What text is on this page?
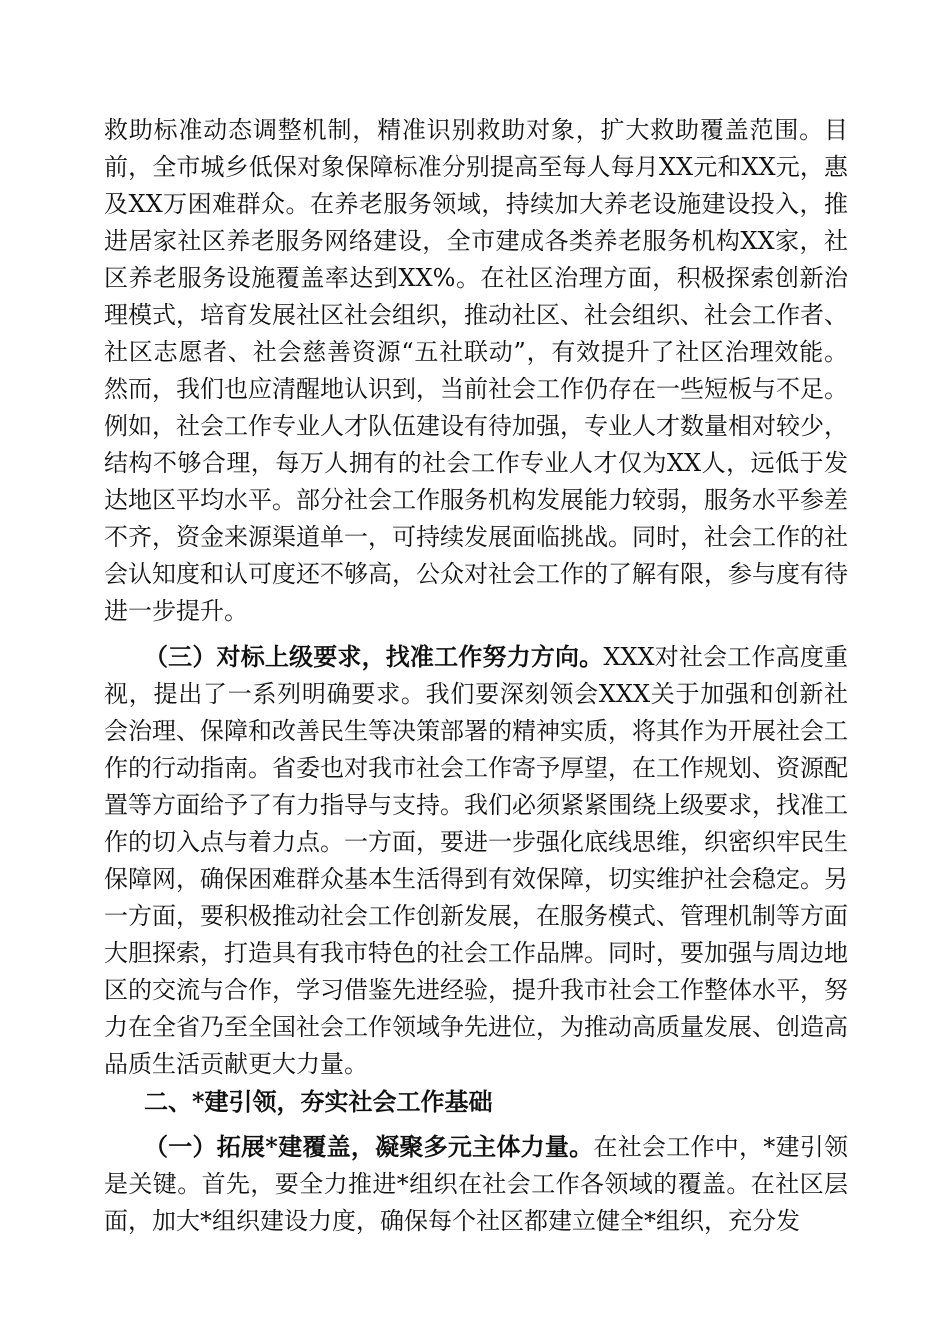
救助标准动态调整机制，精准识别救助对象，扩大救助覆盖范围。目前，全市城乡低保对象保障标准分别提高至每人每月XX元和XX元，惠及XX万困难群众。在养老服务领域，持续加大养老设施建设投入，推进居家社区养老服务网络建设，全市建成各类养老服务机构XX家，社区养老服务设施覆盖率达到XX%。在社区治理方面，积极探索创新治理模式，培育发展社区社会组织，推动社区、社会组织、社会工作者、社区志愿者、社会慈善资源“五社联动”，有效提升了社区治理效能。然而，我们也应清醒地认识到，当前社会工作仍存在一些短板与不足。例如，社会工作专业人才队伍建设有待加强，专业人才数量相对较少，结构不够合理，每万人拥有的社会工作专业人才仅为XX人，远低于发达地区平均水平。部分社会工作服务机构发展能力较弱，服务水平参差不齐，资金来源渠道单一，可持续发展面临挑战。同时，社会工作的社会认知度和认可度还不够高，公众对社会工作的了解有限，参与度有待进一步提升。

（三）对标上级要求，找准工作努力方向。XXX对社会工作高度重视，提出了一系列明确要求。我们要深刻领会XXX关于加强和创新社会治理、保障和改善民生等决策部署的精神实质，将其作为开展社会工作的行动指南。省委也对我市社会工作寄予厚望，在工作规划、资源配置等方面给予了有力指导与支持。我们必须紧紧围绕上级要求，找准工作的切入点与着力点。一方面，要进一步强化底线思维，织密织牢民生保障网，确保困难群众基本生活得到有效保障，切实维护社会稳定。另一方面，要积极推动社会工作创新发展，在服务模式、管理机制等方面大胆探索，打造具有我市特色的社会工作品牌。同时，要加强与周边地区的交流与合作，学习借鉴先进经验，提升我市社会工作整体水平，努力在全省乃至全国社会工作领域争先进位，为推动高质量发展、创造高品质生活贡献更大力量。

二、*建引领，夯实社会工作基础

（一）拓展*建覆盖，凝聚多元主体力量。在社会工作中，*建引领是关键。首先，要全力推进*组织在社会工作各领域的覆盖。在社区层面，加大*组织建设力度，确保每个社区都建立健全*组织，充分发
